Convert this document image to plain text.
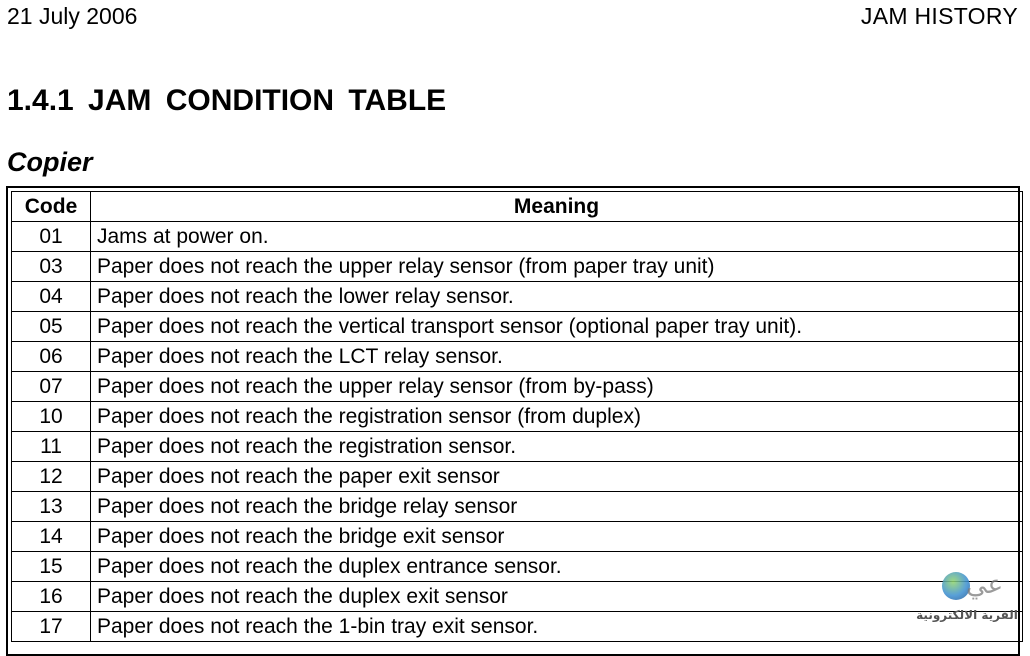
21 July 2006	JAM HISTORY
1.4.1 JAM CONDITION TABLE
Copier
Code	Meaning
01	Jams at power on.
03	Paper does not reach the upper relay sensor (from paper tray unit)
04	Paper does not reach the lower relay sensor.
05	Paper does not reach the vertical transport sensor (optional paper tray unit).
06	Paper does not reach the LCT relay sensor.
07	Paper does not reach the upper relay sensor (from by-pass)
10	Paper does not reach the registration sensor (from duplex)
11	Paper does not reach the registration sensor.
12	Paper does not reach the paper exit sensor
13	Paper does not reach the bridge relay sensor
14	Paper does not reach the bridge exit sensor
15	Paper does not reach the duplex entrance sensor.
16	Paper does not reach the duplex exit sensor
17	Paper does not reach the 1-bin tray exit sensor.
عي
القرية الالكترونية
